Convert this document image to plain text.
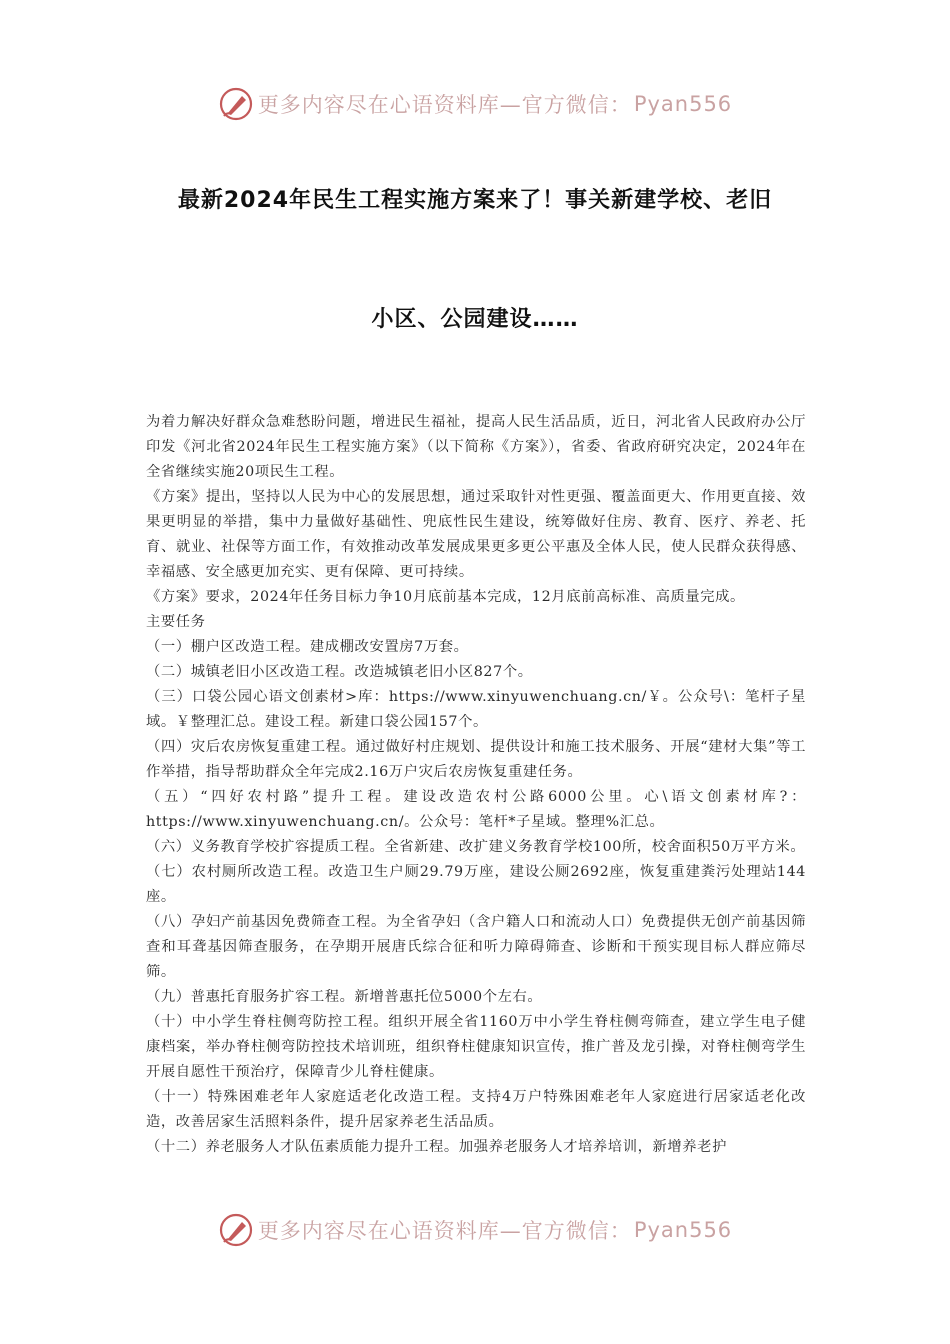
更多内容尽在心语资料库—官方微信： Pyan556
最新2024年民生工程实施方案来了！事关新建学校、老旧
小区、公园建设……

为着力解决好群众急难愁盼问题，增进民生福祉，提高人民生活品质，近日，河北省人民政府办公厅印发《河北省2024年民生工程实施方案》（以下简称《方案》），省委、省政府研究决定，2024年在全省继续实施20项民生工程。

《方案》提出，坚持以人民为中心的发展思想，通过采取针对性更强、覆盖面更大、作用更直接、效果更明显的举措，集中力量做好基础性、兜底性民生建设，统筹做好住房、教育、医疗、养老、托育、就业、社保等方面工作，有效推动改革发展成果更多更公平惠及全体人民，使人民群众获得感、幸福感、安全感更加充实、更有保障、更可持续。

《方案》要求，2024年任务目标力争10月底前基本完成，12月底前高标准、高质量完成。

主要任务

（一）棚户区改造工程。建成棚改安置房7万套。

（二）城镇老旧小区改造工程。改造城镇老旧小区827个。

（三）口袋公园心语文创素材>库：https://www.xinyuwenchuang.cn/￥。公众号\：笔杆子星域。￥整理汇总。建设工程。新建口袋公园157个。

（四）灾后农房恢复重建工程。通过做好村庄规划、提供设计和施工技术服务、开展“建材大集”等工作举措，指导帮助群众全年完成2.16万户灾后农房恢复重建任务。

（五）“四好农村路”提升工程。建设改造农村公路6000公里。心\语文创素材库?：https://www.xinyuwenchuang.cn/。公众号：笔杆*子星域。整理%汇总。

（六）义务教育学校扩容提质工程。全省新建、改扩建义务教育学校100所，校舍面积50万平方米。

（七）农村厕所改造工程。改造卫生户厕29.79万座，建设公厕2692座，恢复重建粪污处理站144座。

（八）孕妇产前基因免费筛查工程。为全省孕妇（含户籍人口和流动人口）免费提供无创产前基因筛查和耳聋基因筛查服务，在孕期开展唐氏综合征和听力障碍筛查、诊断和干预实现目标人群应筛尽筛。

（九）普惠托育服务扩容工程。新增普惠托位5000个左右。

（十）中小学生脊柱侧弯防控工程。组织开展全省1160万中小学生脊柱侧弯筛查，建立学生电子健康档案，举办脊柱侧弯防控技术培训班，组织脊柱健康知识宣传，推广普及龙引操，对脊柱侧弯学生开展自愿性干预治疗，保障青少儿脊柱健康。

（十一）特殊困难老年人家庭适老化改造工程。支持4万户特殊困难老年人家庭进行居家适老化改造，改善居家生活照料条件，提升居家养老生活品质。

（十二）养老服务人才队伍素质能力提升工程。加强养老服务人才培养培训，新增养老护

更多内容尽在心语资料库—官方微信： Pyan556
